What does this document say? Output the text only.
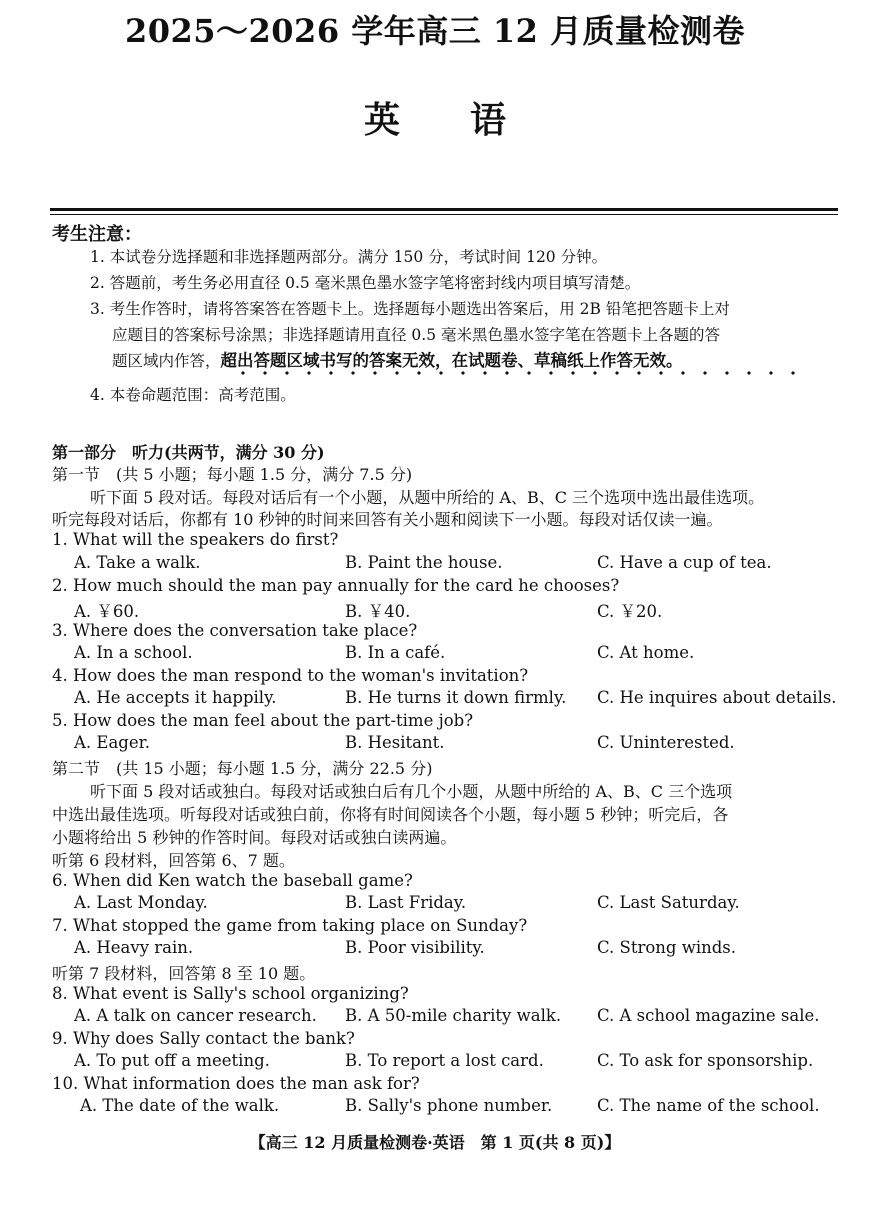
2025～2026 学年高三 12 月质量检测卷
英语
考生注意：
1. 本试卷分选择题和非选择题两部分。满分 150 分，考试时间 120 分钟。
2. 答题前，考生务必用直径 0.5 毫米黑色墨水签字笔将密封线内项目填写清楚。
3. 考生作答时，请将答案答在答题卡上。选择题每小题选出答案后，用 2B 铅笔把答题卡上对
应题目的答案标号涂黑；非选择题请用直径 0.5 毫米黑色墨水签字笔在答题卡上各题的答
题区域内作答，超出答题区域书写的答案无效，在试题卷、草稿纸上作答无效。
4. 本卷命题范围：高考范围。
第一部分　听力(共两节，满分 30 分)
第一节　(共 5 小题；每小题 1.5 分，满分 7.5 分)
听下面 5 段对话。每段对话后有一个小题，从题中所给的 A、B、C 三个选项中选出最佳选项。
听完每段对话后，你都有 10 秒钟的时间来回答有关小题和阅读下一小题。每段对话仅读一遍。
1. What will the speakers do first?
A. Take a walk.	B. Paint the house.	C. Have a cup of tea.
2. How much should the man pay annually for the card he chooses?
A. ￥60.	B. ￥40.	C. ￥20.
3. Where does the conversation take place?
A. In a school.	B. In a café.	C. At home.
4. How does the man respond to the woman's invitation?
A. He accepts it happily.	B. He turns it down firmly. C. He inquires about details.
5. How does the man feel about the part-time job?
A. Eager.	B. Hesitant.	C. Uninterested.
第二节　(共 15 小题；每小题 1.5 分，满分 22.5 分)
听下面 5 段对话或独白。每段对话或独白后有几个小题，从题中所给的 A、B、C 三个选项
中选出最佳选项。听每段对话或独白前，你将有时间阅读各个小题，每小题 5 秒钟；听完后，各
小题将给出 5 秒钟的作答时间。每段对话或独白读两遍。
听第 6 段材料，回答第 6、7 题。
6. When did Ken watch the baseball game?
A. Last Monday.	B. Last Friday.	C. Last Saturday.
7. What stopped the game from taking place on Sunday?
A. Heavy rain.	B. Poor visibility.	C. Strong winds.
听第 7 段材料，回答第 8 至 10 题。
8. What event is Sally's school organizing?
A. A talk on cancer research. B. A 50-mile charity walk. C. A school magazine sale.
9. Why does Sally contact the bank?
A. To put off a meeting.	B. To report a lost card.	C. To ask for sponsorship.
10. What information does the man ask for?
A. The date of the walk.	B. Sally's phone number.	C. The name of the school.
【高三 12 月质量检测卷·英语　第 1 页(共 8 页)】
